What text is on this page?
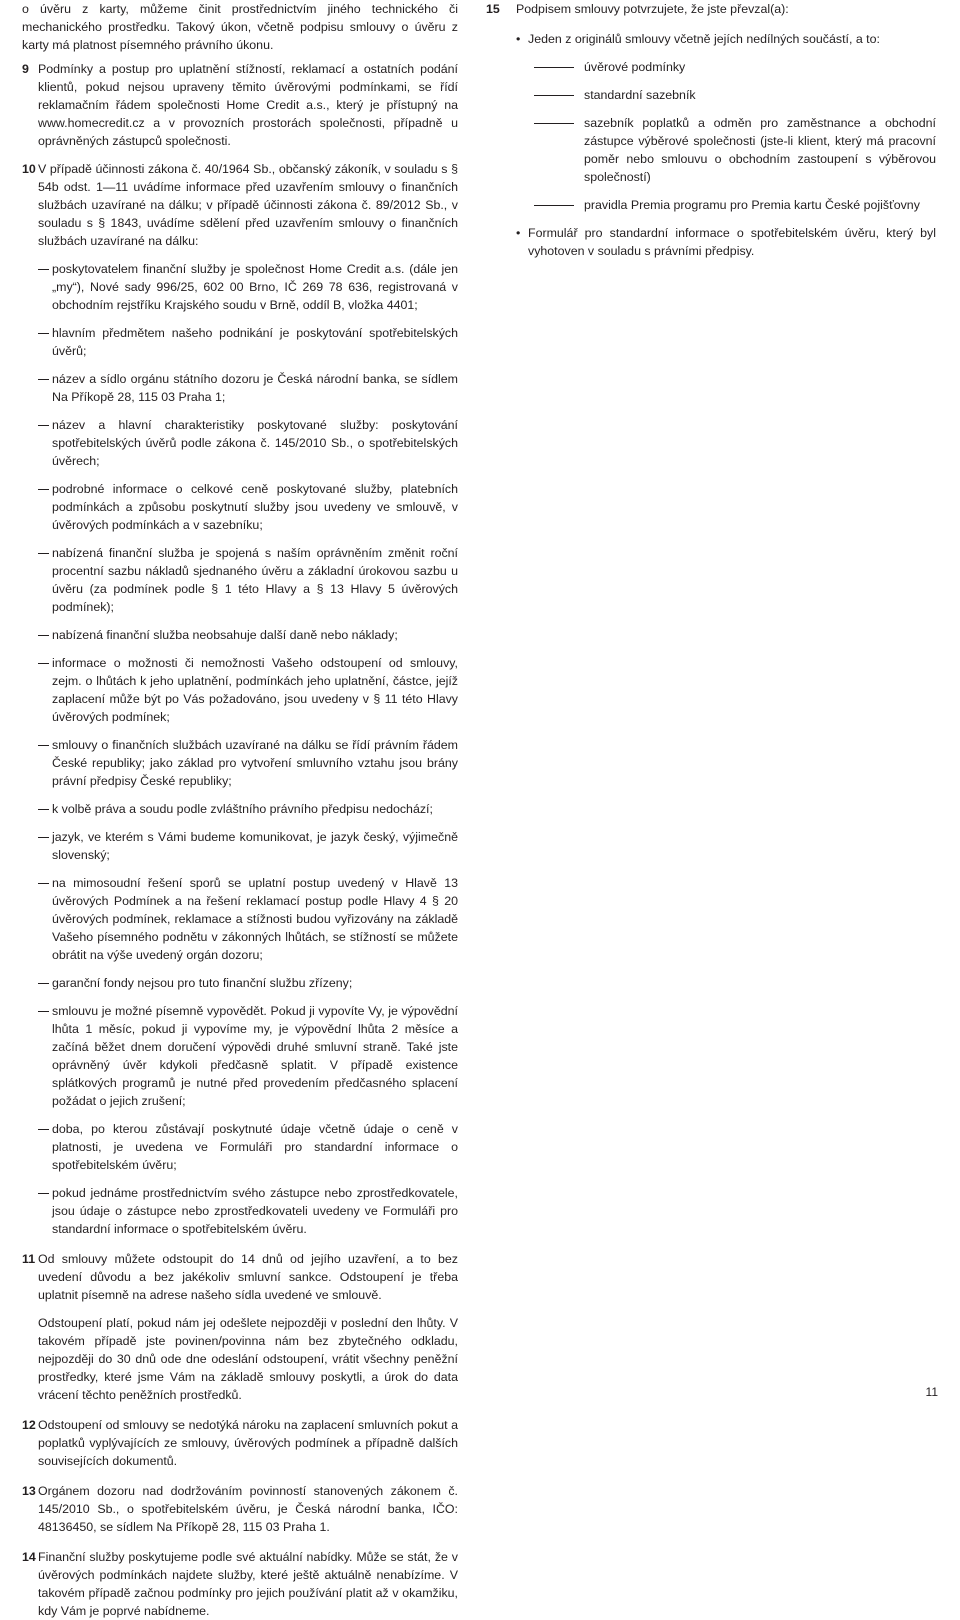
o úvěru z karty, můžeme činit prostřednictvím jiného technického či mechanického prostředku. Takový úkon, včetně podpisu smlouvy o úvěru z karty má platnost písemného právního úkonu.

9 Podmínky a postup pro uplatnění stížností, reklamací a ostatních podání klientů, pokud nejsou upraveny těmito úvěrovými podmínkami, se řídí reklamačním řádem společnosti Home Credit a.s., který je přístupný na www.homecredit.cz a v provozních prostorách společnosti, případně u oprávněných zástupců společnosti.

10 V případě účinnosti zákona č. 40/1964 Sb., občanský zákoník, v souladu s § 54b odst. 1—11 uvádíme informace před uzavřením smlouvy o finančních službách uzavírané na dálku; v případě účinnosti zákona č. 89/2012 Sb., v souladu s § 1843, uvádíme sdělení před uzavřením smlouvy o finančních službách uzavírané na dálku:

poskytovatelem finanční služby je společnost Home Credit a.s. (dále jen „my“), Nové sady 996/25, 602 00 Brno, IČ 269 78 636, registrovaná v obchodním rejstříku Krajského soudu v Brně, oddíl B, vložka 4401;
hlavním předmětem našeho podnikání je poskytování spotřebitelských úvěrů;
název a sídlo orgánu státního dozoru je Česká národní banka, se sídlem Na Příkopě 28, 115 03 Praha 1;
název a hlavní charakteristiky poskytované služby: poskytování spotřebitelských úvěrů podle zákona č. 145/2010 Sb., o spotřebitelských úvěrech;
podrobné informace o celkové ceně poskytované služby, platebních podmínkách a způsobu poskytnutí služby jsou uvedeny ve smlouvě, v úvěrových podmínkách a v sazebníku;
nabízená finanční služba je spojená s naším oprávněním změnit roční procentní sazbu nákladů sjednaného úvěru a základní úrokovou sazbu u úvěru (za podmínek podle § 1 této Hlavy a § 13 Hlavy 5 úvěrových podmínek);
nabízená finanční služba neobsahuje další daně nebo náklady;
informace o možnosti či nemožnosti Vašeho odstoupení od smlouvy, zejm. o lhůtách k jeho uplatnění, podmínkách jeho uplatnění, částce, jejíž zaplacení může být po Vás požadováno, jsou uvedeny v § 11 této Hlavy úvěrových podmínek;
smlouvy o finančních službách uzavírané na dálku se řídí právním řádem České republiky; jako základ pro vytvoření smluvního vztahu jsou brány právní předpisy České republiky;
k volbě práva a soudu podle zvláštního právního předpisu nedochází;
jazyk, ve kterém s Vámi budeme komunikovat, je jazyk český, výjimečně slovenský;
na mimosoudní řešení sporů se uplatní postup uvedený v Hlavě 13 úvěrových Podmínek a na řešení reklamací postup podle Hlavy 4 § 20 úvěrových podmínek, reklamace a stížnosti budou vyřizovány na základě Vašeho písemného podnětu v zákonných lhůtách, se stížností se můžete obrátit na výše uvedený orgán dozoru;
garanční fondy nejsou pro tuto finanční službu zřízeny;
smlouvu je možné písemně vypovědět. Pokud ji vypovíte Vy, je výpovědní lhůta 1 měsíc, pokud ji vypovíme my, je výpovědní lhůta 2 měsíce a začíná běžet dnem doručení výpovědi druhé smluvní straně. Také jste oprávněný úvěr kdykoli předčasně splatit. V případě existence splátkových programů je nutné před provedením předčasného splacení požádat o jejich zrušení;
doba, po kterou zůstávají poskytnuté údaje včetně údaje o ceně v platnosti, je uvedena ve Formuláři pro standardní informace o spotřebitelském úvěru;
pokud jednáme prostřednictvím svého zástupce nebo zprostředkovatele, jsou údaje o zástupce nebo zprostředkovateli uvedeny ve Formuláři pro standardní informace o spotřebitelském úvěru.
11 Od smlouvy můžete odstoupit do 14 dnů od jejího uzavření, a to bez uvedení důvodu a bez jakékoliv smluvní sankce. Odstoupení je třeba uplatnit písemně na adrese našeho sídla uvedené ve smlouvě.

Odstoupení platí, pokud nám jej odešlete nejpozději v poslední den lhůty. V takovém případě jste povinen/povinna nám bez zbytečného odkladu, nejpozději do 30 dnů ode dne odeslání odstoupení, vrátit všechny peněžní prostředky, které jsme Vám na základě smlouvy poskytli, a úrok do data vrácení těchto peněžních prostředků.

12 Odstoupení od smlouvy se nedotýká nároku na zaplacení smluvních pokut a poplatků vyplývajících ze smlouvy, úvěrových podmínek a případně dalších souvisejících dokumentů.

13 Orgánem dozoru nad dodržováním povinností stanovených zákonem č. 145/2010 Sb., o spotřebitelském úvěru, je Česká národní banka, IČO: 48136450, se sídlem Na Příkopě 28, 115 03 Praha 1.

14 Finanční služby poskytujeme podle své aktuální nabídky. Může se stát, že v úvěrových podmínkách najdete služby, které ještě aktuálně nenabízíme. V takovém případě začnou podmínky pro jejich používání platit až v okamžiku, kdy Vám je poprvé nabídneme.

15	Podpisem smlouvy potvrzujete, že jste převzal(a):

•

Jeden z originálů smlouvy včetně jejích nedílných součástí, a to:

úvěrové podmínky
standardní sazebník
sazebník poplatků a odměn pro zaměstnance a obchodní zástupce výběrové společnosti (jste-li klient, který má pracovní poměr nebo smlouvu o obchodním zastoupení s výběrovou společností)
pravidla Premia programu pro Premia kartu České pojišťovny
•

Formulář pro standardní informace o spotřebitelském úvěru, který byl vyhotoven v souladu s právními předpisy.

11
